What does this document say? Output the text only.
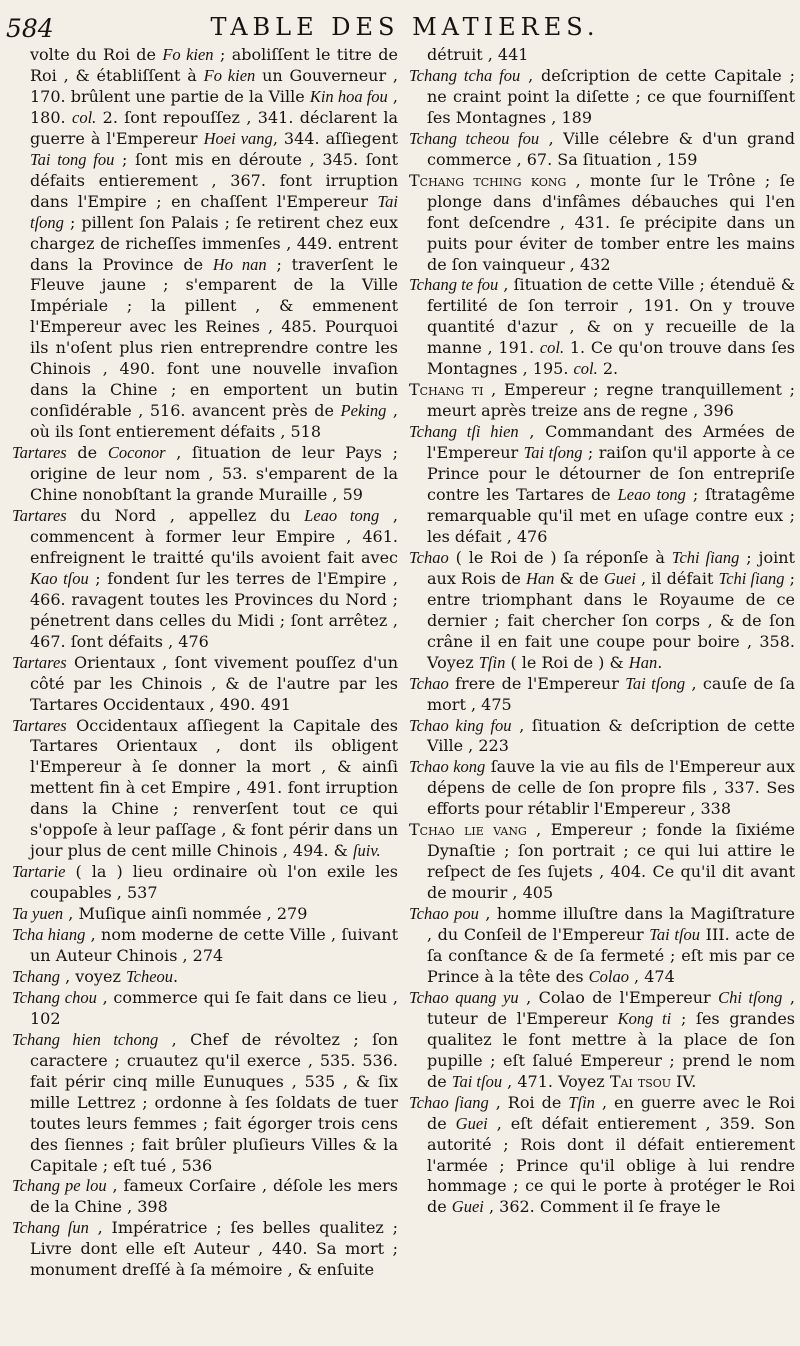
584	TABLE DES MATIERES.

volte du Roi de Fo kien ; aboliſſent le titre de Roi , & établiſſent à Fo kien un Gouverneur , 170. brûlent une partie de la Ville Kin hoa fou , 180. col. 2. ſont repouſſez , 341. déclarent la guerre à l'Empereur Hoei vang, 344. aſſiegent Tai tong fou ; ſont mis en déroute , 345. ſont défaits entierement , 367. font irruption dans l'Empire ; en chaſſent l'Empereur Tai tſong ; pillent ſon Palais ; ſe retirent chez eux chargez de richeſſes immenſes , 449. entrent dans la Province de Ho nan ; traverſent le Fleuve jaune ; s'emparent de la Ville Impériale ; la pillent , & emmenent l'Empereur avec les Reines , 485. Pourquoi ils n'oſent plus rien entreprendre contre les Chinois , 490. font une nouvelle invaſion dans la Chine ; en emportent un butin conſidérable , 516. avancent près de Peking , où ils ſont entierement défaits , 518

Tartares de Coconor , ſituation de leur Pays ; origine de leur nom , 53. s'emparent de la Chine nonobſtant la grande Muraille , 59

Tartares du Nord , appellez du Leao tong , commencent à former leur Empire , 461. enfreignent le traitté qu'ils avoient fait avec Kao tſou ; fondent ſur les terres de l'Empire , 466. ravagent toutes les Provinces du Nord ; pénetrent dans celles du Midi ; ſont arrêtez , 467. ſont défaits , 476

Tartares Orientaux , ſont vivement pouſſez d'un côté par les Chinois , & de l'autre par les Tartares Occidentaux , 490. 491

Tartares Occidentaux aſſiegent la Capitale des Tartares Orientaux , dont ils obligent l'Empereur à ſe donner la mort , & ainſi mettent fin à cet Empire , 491. font irruption dans la Chine ; renverſent tout ce qui s'oppoſe à leur paſſage , & font périr dans un jour plus de cent mille Chinois , 494. & ſuiv.

Tartarie ( la ) lieu ordinaire où l'on exile les coupables , 537

Ta yuen , Muſique ainſi nommée , 279

Tcha hiang , nom moderne de cette Ville , ſuivant un Auteur Chinois , 274

Tchang , voyez Tcheou.

Tchang chou , commerce qui ſe fait dans ce lieu , 102

Tchang hien tchong , Chef de révoltez ; ſon caractere ; cruautez qu'il exerce , 535. 536. fait périr cinq mille Eunuques , 535 , & ſix mille Lettrez ; ordonne à ſes ſoldats de tuer toutes leurs femmes ; fait égorger trois cens des ſiennes ; fait brûler pluſieurs Villes & la Capitale ; eſt tué , 536

Tchang pe lou , fameux Corſaire , déſole les mers de la Chine , 398

Tchang ſun , Impératrice ; ſes belles qualitez ; Livre dont elle eſt Auteur , 440. Sa mort ; monument dreſſé à ſa mémoire , & enſuite

détruit , 441

Tchang tcha fou , deſcription de cette Capitale ; ne craint point la diſette ; ce que fourniſſent ſes Montagnes , 189

Tchang tcheou fou , Ville célebre & d'un grand commerce , 67. Sa ſituation , 159

Tchang tching kong , monte ſur le Trône ; ſe plonge dans d'infâmes débauches qui l'en font deſcendre , 431. ſe précipite dans un puits pour éviter de tomber entre les mains de ſon vainqueur , 432

Tchang te fou , ſituation de cette Ville ; étenduë & fertilité de ſon terroir , 191. On y trouve quantité d'azur , & on y recueille de la manne , 191. col. 1. Ce qu'on trouve dans ſes Montagnes , 195. col. 2.

Tchang ti , Empereur ; regne tranquillement ; meurt après treize ans de regne , 396

Tchang tſi hien , Commandant des Armées de l'Empereur Tai tſong ; raiſon qu'il apporte à ce Prince pour le détourner de ſon entrepriſe contre les Tartares de Leao tong ; ſtratagême remarquable qu'il met en uſage contre eux ; les défait , 476

Tchao ( le Roi de ) ſa réponſe à Tchi ſiang ; joint aux Rois de Han & de Guei , il défait Tchi ſiang ; entre triomphant dans le Royaume de ce dernier ; fait chercher ſon corps , & de ſon crâne il en fait une coupe pour boire , 358. Voyez Tſin ( le Roi de ) & Han.

Tchao frere de l'Empereur Tai tſong , cauſe de ſa mort , 475

Tchao king fou , ſituation & deſcription de cette Ville , 223

Tchao kong ſauve la vie au fils de l'Empereur aux dépens de celle de ſon propre fils , 337. Ses efforts pour rétablir l'Empereur , 338

Tchao lie vang , Empereur ; fonde la ſixiéme Dynaſtie ; ſon portrait ; ce qui lui attire le reſpect de ſes ſujets , 404. Ce qu'il dit avant de mourir , 405

Tchao pou , homme illuſtre dans la Magiſtrature , du Conſeil de l'Empereur Tai tſou III. acte de ſa conſtance & de ſa fermeté ; eſt mis par ce Prince à la tête des Colao , 474

Tchao quang yu , Colao de l'Empereur Chi tſong , tuteur de l'Empereur Kong ti ; ſes grandes qualitez le font mettre à la place de ſon pupille ; eſt ſalué Empereur ; prend le nom de Tai tſou , 471. Voyez Tai tsou IV.

Tchao ſiang , Roi de Tſin , en guerre avec le Roi de Guei , eſt défait entierement , 359. Son autorité ; Rois dont il défait entierement l'armée ; Prince qu'il oblige à lui rendre hommage ; ce qui le porte à protéger le Roi de Guei , 362. Comment il ſe fraye le
